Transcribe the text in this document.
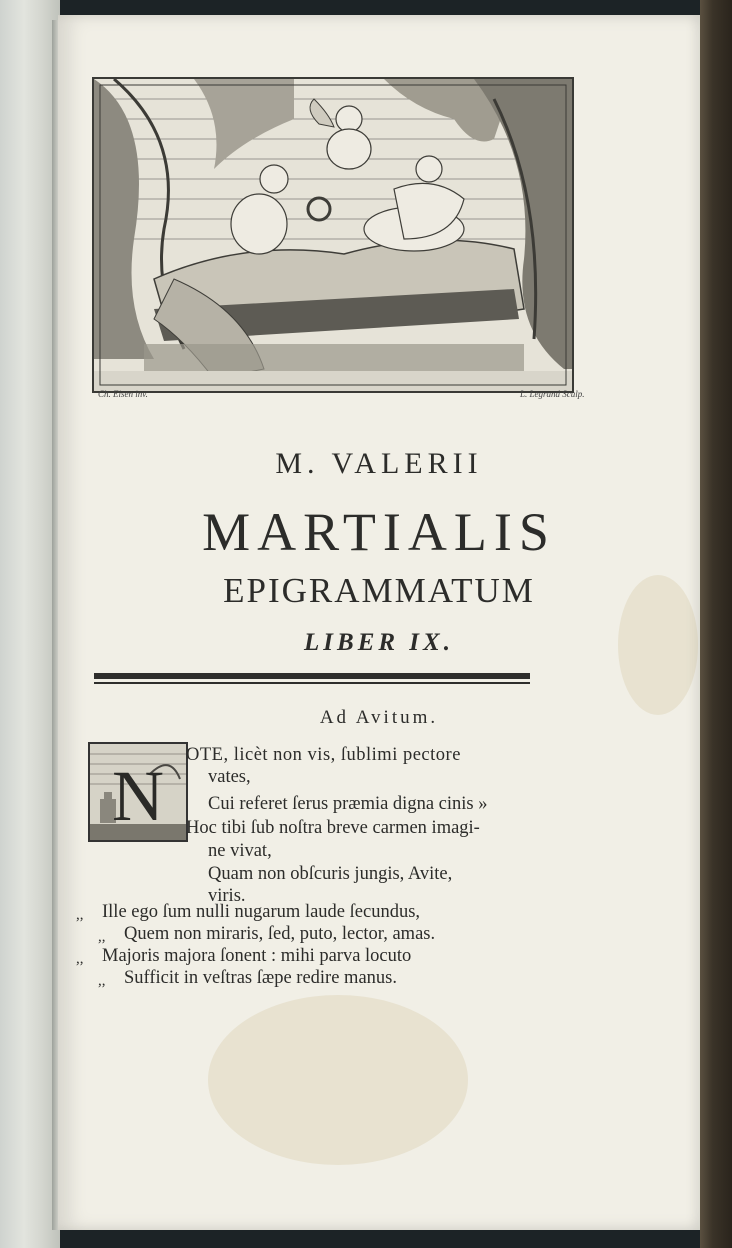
Ch. Eisen inv.	L. Legrand Sculp.
M. VALERII
MARTIALIS
EPIGRAMMATUM
LIBER IX.
Ad Avitum.
N
OTE, licèt non vis, ſublimi pectore
vates,
Cui referet ſerus præmia digna cinis »
Hoc tibi ſub noſtra breve carmen imagi-
ne vivat,
Quam non obſcuris jungis, Avite,
viris.
,, Ille ego ſum nulli nugarum laude ſecundus,
,, Quem non miraris, ſed, puto, lector, amas.
,, Majoris majora ſonent : mihi parva locuto
,, Sufficit in veſtras ſæpe redire manus.
